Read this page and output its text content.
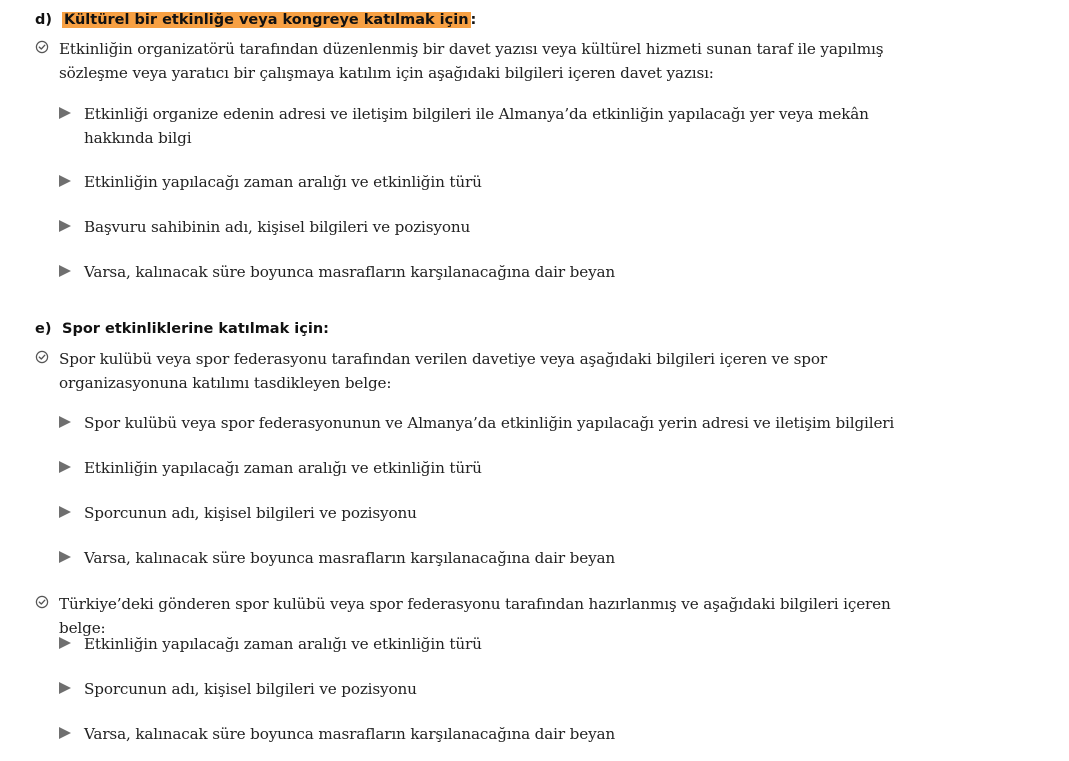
d) Kültürel bir etkinliğe veya kongreye katılmak için :
Etkinliğin organizatörü tarafından düzenlenmiş bir davet yazısı veya kültürel hizmeti sunan taraf ile yapılmış sözleşme veya yaratıcı bir çalışmaya katılım için aşağıdaki bilgileri içeren davet yazısı:
Etkinliği organize edenin adresi ve iletişim bilgileri ile Almanya’da etkinliğin yapılacağı yer veya mekân hakkında bilgi
Etkinliğin yapılacağı zaman aralığı ve etkinliğin türü
Başvuru sahibinin adı, kişisel bilgileri ve pozisyonu
Varsa, kalınacak süre boyunca masrafların karşılanacağına dair beyan
e) Spor etkinliklerine katılmak için:
Spor kulübü veya spor federasyonu tarafından verilen davetiye veya aşağıdaki bilgileri içeren ve spor organizasyonuna katılımı tasdikleyen belge:
Spor kulübü veya spor federasyonunun ve Almanya’da etkinliğin yapılacağı yerin adresi ve iletişim bilgileri
Etkinliğin yapılacağı zaman aralığı ve etkinliğin türü
Sporcunun adı, kişisel bilgileri ve pozisyonu
Varsa, kalınacak süre boyunca masrafların karşılanacağına dair beyan
Türkiye’deki gönderen spor kulübü veya spor federasyonu tarafından hazırlanmış ve aşağıdaki bilgileri içeren belge:
Etkinliğin yapılacağı zaman aralığı ve etkinliğin türü
Sporcunun adı, kişisel bilgileri ve pozisyonu
Varsa, kalınacak süre boyunca masrafların karşılanacağına dair beyan
